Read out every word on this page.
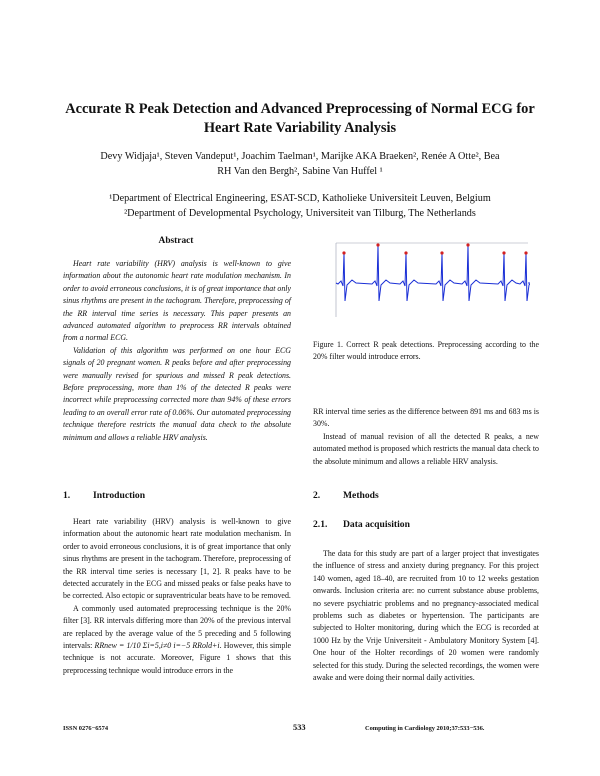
Accurate R Peak Detection and Advanced Preprocessing of Normal ECG for
Heart Rate Variability Analysis
Devy Widjaja¹, Steven Vandeput¹, Joachim Taelman¹, Marijke AKA Braeken², Renée A Otte², Bea
RH Van den Bergh², Sabine Van Huffel ¹
¹Department of Electrical Engineering, ESAT-SCD, Katholieke Universiteit Leuven, Belgium
²Department of Developmental Psychology, Universiteit van Tilburg, The Netherlands
Abstract

Heart rate variability (HRV) analysis is well-known to give information about the autonomic heart rate modulation mechanism. In order to avoid erroneous conclusions, it is of great importance that only sinus rhythms are present in the tachogram. Therefore, preprocessing of the RR interval time series is necessary. This paper presents an advanced automated algorithm to preprocess RR intervals obtained from a normal ECG.

Validation of this algorithm was performed on one hour ECG signals of 20 pregnant women. R peaks before and after preprocessing were manually revised for spurious and missed R peak detections. Before preprocessing, more than 1% of the detected R peaks were incorrect while preprocessing corrected more than 94% of these errors leading to an overall error rate of 0.06%. Our automated preprocessing technique therefore restricts the manual data check to the absolute minimum and allows a reliable HRV analysis.

1. Introduction

Heart rate variability (HRV) analysis is well-known to give information about the autonomic heart rate modulation mechanism. In order to avoid erroneous conclusions, it is of great importance that only sinus rhythms are present in the tachogram. Therefore, preprocessing of the RR interval time series is necessary [1, 2]. R peaks have to be detected accurately in the ECG and missed peaks or false peaks have to be corrected. Also ectopic or supraventricular beats have to be removed.

A commonly used automated preprocessing technique is the 20% filter [3]. RR intervals differing more than 20% of the previous interval are replaced by the average value of the 5 preceding and 5 following intervals: RRnew = 1/10 Σi=5,i≠0 i=−5 RRold+i. However, this simple technique is not accurate. Moreover, Figure 1 shows that this preprocessing technique would introduce errors in the

Figure 1. Correct R peak detections. Preprocessing according to the 20% filter would introduce errors.

RR interval time series as the difference between 891 ms and 683 ms is 30%.

Instead of manual revision of all the detected R peaks, a new automated method is proposed which restricts the manual data check to the absolute minimum and allows a reliable HRV analysis.

2. Methods
2.1. Data acquisition

The data for this study are part of a larger project that investigates the influence of stress and anxiety during pregnancy. For this project 140 women, aged 18–40, are recruited from 10 to 12 weeks gestation onwards. Inclusion criteria are: no current substance abuse problems, no severe psychiatric problems and no pregnancy-associated medical problems such as diabetes or hypertension. The participants are subjected to Holter monitoring, during which the ECG is recorded at 1000 Hz by the Vrije Universiteit - Ambulatory Monitory System [4]. One hour of the Holter recordings of 20 women were randomly selected for this study. During the selected recordings, the women were awake and were doing their normal daily activities.

ISSN 0276−6574	533	Computing in Cardiology 2010;37:533−536.
